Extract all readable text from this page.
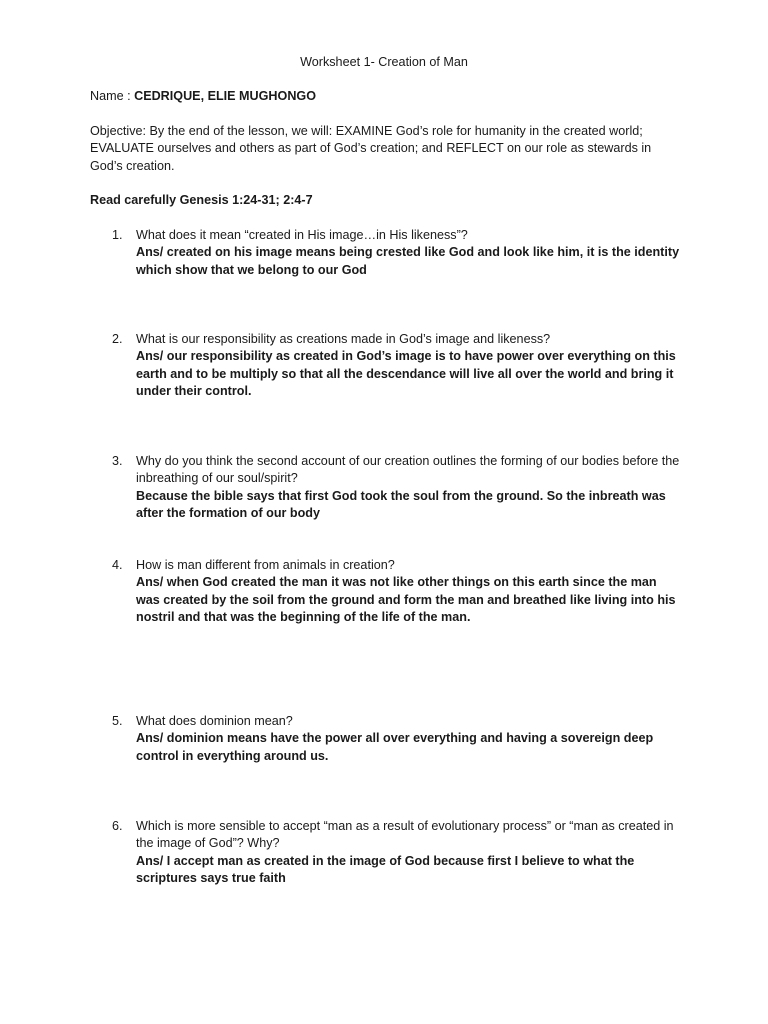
Worksheet 1- Creation of Man
Name : CEDRIQUE, ELIE MUGHONGO
Objective: By the end of the lesson, we will: EXAMINE God’s role for humanity in the created world; EVALUATE ourselves and others as part of God’s creation; and REFLECT on our role as stewards in God’s creation.
Read carefully Genesis 1:24-31; 2:4-7
1. What does it mean “created in His image…in His likeness”?
Ans/ created on his image means being crested like God and look like him, it is the identity which show that we belong to our God
2. What is our responsibility as creations made in God’s image and likeness?
Ans/ our responsibility as created in God’s image is to have power over everything on this earth and to be multiply so that all the descendance will live all over the world and bring it under their control.
3. Why do you think the second account of our creation outlines the forming of our bodies before the inbreathing of our soul/spirit?
Because the bible says that first God took the soul from the ground. So the inbreath was after the formation of our body
4. How is man different from animals in creation?
Ans/ when God created the man it was not like other things on this earth since the man was created by the soil from the ground and form the man and breathed like living into his nostril and that was the beginning of the life of the man.
5. What does dominion mean?
Ans/ dominion means have the power all over everything and having a sovereign deep control in everything around us.
6. Which is more sensible to accept “man as a result of evolutionary process” or “man as created in the image of God”? Why?
Ans/ I accept man as created in the image of God because first I believe to what the scriptures says true faith
